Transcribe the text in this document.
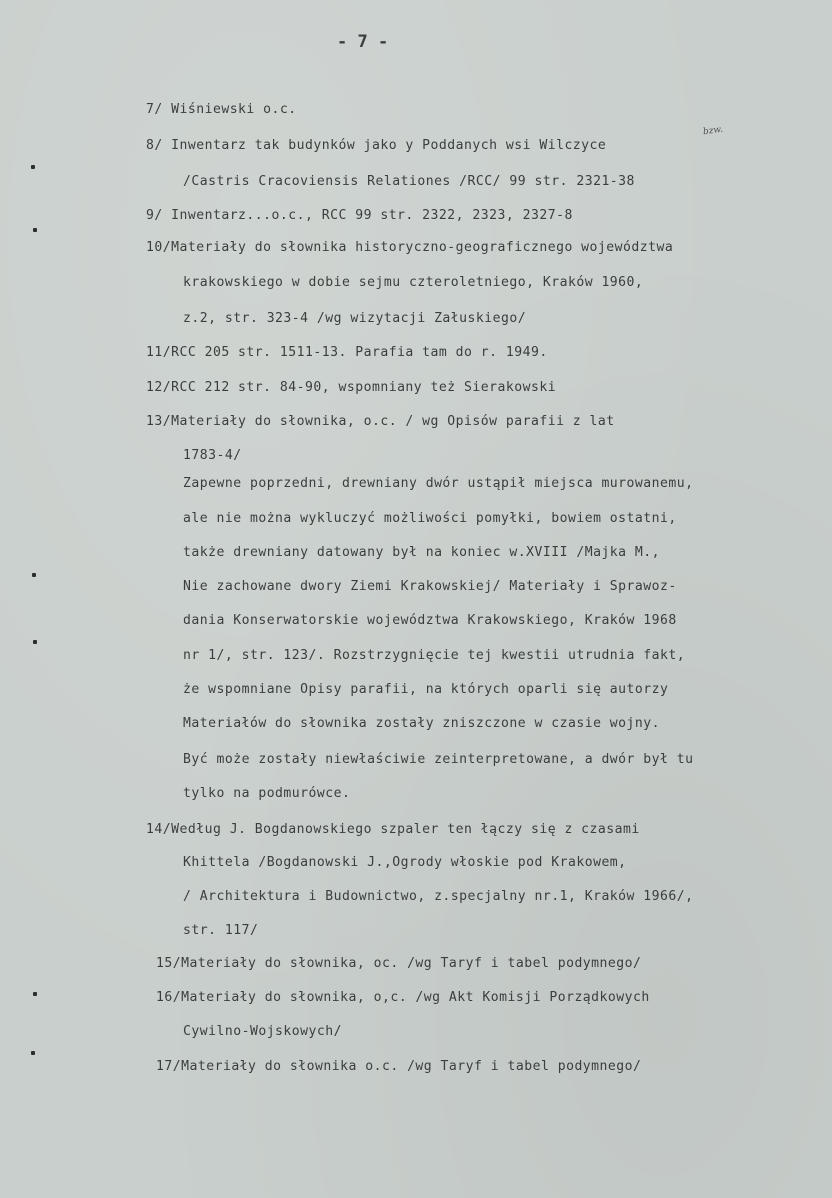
- 7 -
bzw.
7/ Wiśniewski o.c.
8/ Inwentarz tak budynków jako y Poddanych wsi Wilczyce
/Castris Cracoviensis Relationes /RCC/ 99 str. 2321-38
9/ Inwentarz...o.c., RCC 99 str. 2322, 2323, 2327-8
10/Materiały do słownika historyczno-geograficznego województwa
krakowskiego w dobie sejmu czteroletniego, Kraków 1960,
z.2, str. 323-4 /wg wizytacji Załuskiego/
11/RCC 205 str. 1511-13. Parafia tam do r. 1949.
12/RCC 212 str. 84-90, wspomniany też Sierakowski
13/Materiały do słownika, o.c. / wg Opisów parafii z lat
1783-4/
Zapewne poprzedni, drewniany dwór ustąpił miejsca murowanemu,
ale nie można wykluczyć możliwości pomyłki, bowiem ostatni,
także drewniany datowany był na koniec w.XVIII /Majka M.,
Nie zachowane dwory Ziemi Krakowskiej/ Materiały i Sprawoz-
dania Konserwatorskie województwa Krakowskiego, Kraków 1968
nr 1/, str. 123/. Rozstrzygnięcie tej kwestii utrudnia fakt,
że wspomniane Opisy parafii, na których oparli się autorzy
Materiałów do słownika zostały zniszczone w czasie wojny.
Być może zostały niewłaściwie zeinterpretowane, a dwór był tu
tylko na podmurówce.
14/Według J. Bogdanowskiego szpaler ten łączy się z czasami
Khittela /Bogdanowski J.,Ogrody włoskie pod Krakowem,
/ Architektura i Budownictwo, z.specjalny nr.1, Kraków 1966/,
str. 117/
15/Materiały do słownika, oc. /wg Taryf i tabel podymnego/
16/Materiały do słownika, o,c. /wg Akt Komisji Porządkowych
Cywilno-Wojskowych/
17/Materiały do słownika o.c. /wg Taryf i tabel podymnego/
